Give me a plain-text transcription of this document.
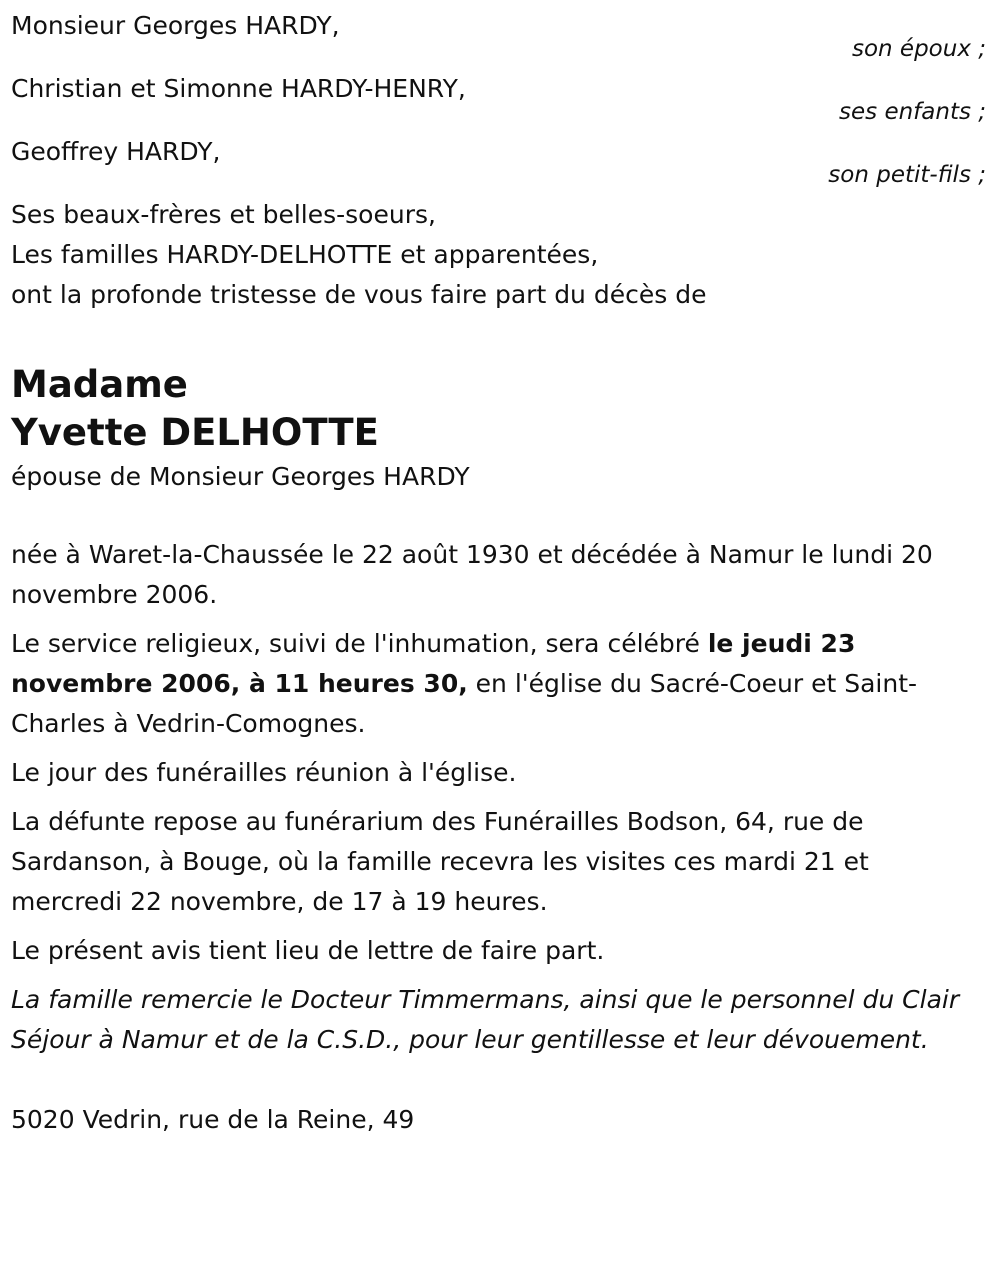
Monsieur Georges HARDY,
son époux ;
Christian et Simonne HARDY-HENRY,
ses enfants ;
Geoffrey HARDY,
son petit-fils ;
Ses beaux-frères et belles-soeurs,
Les familles HARDY-DELHOTTE et apparentées,

ont la profonde tristesse de vous faire part du décès de

Madame
Yvette DELHOTTE

épouse de Monsieur Georges HARDY

née à Waret-la-Chaussée le 22 août 1930 et décédée à Namur le lundi 20 novembre 2006.

Le service religieux, suivi de l'inhumation, sera célébré le jeudi 23 novembre 2006, à 11 heures 30, en l'église du Sacré-Coeur et Saint-Charles à Vedrin-Comognes.

Le jour des funérailles réunion à l'église.

La défunte repose au funérarium des Funérailles Bodson, 64, rue de Sardanson, à Bouge, où la famille recevra les visites ces mardi 21 et mercredi 22 novembre, de 17 à 19 heures.

Le présent avis tient lieu de lettre de faire part.

La famille remercie le Docteur Timmermans, ainsi que le personnel du Clair Séjour à Namur et de la C.S.D., pour leur gentillesse et leur dévouement.

5020 Vedrin, rue de la Reine, 49
